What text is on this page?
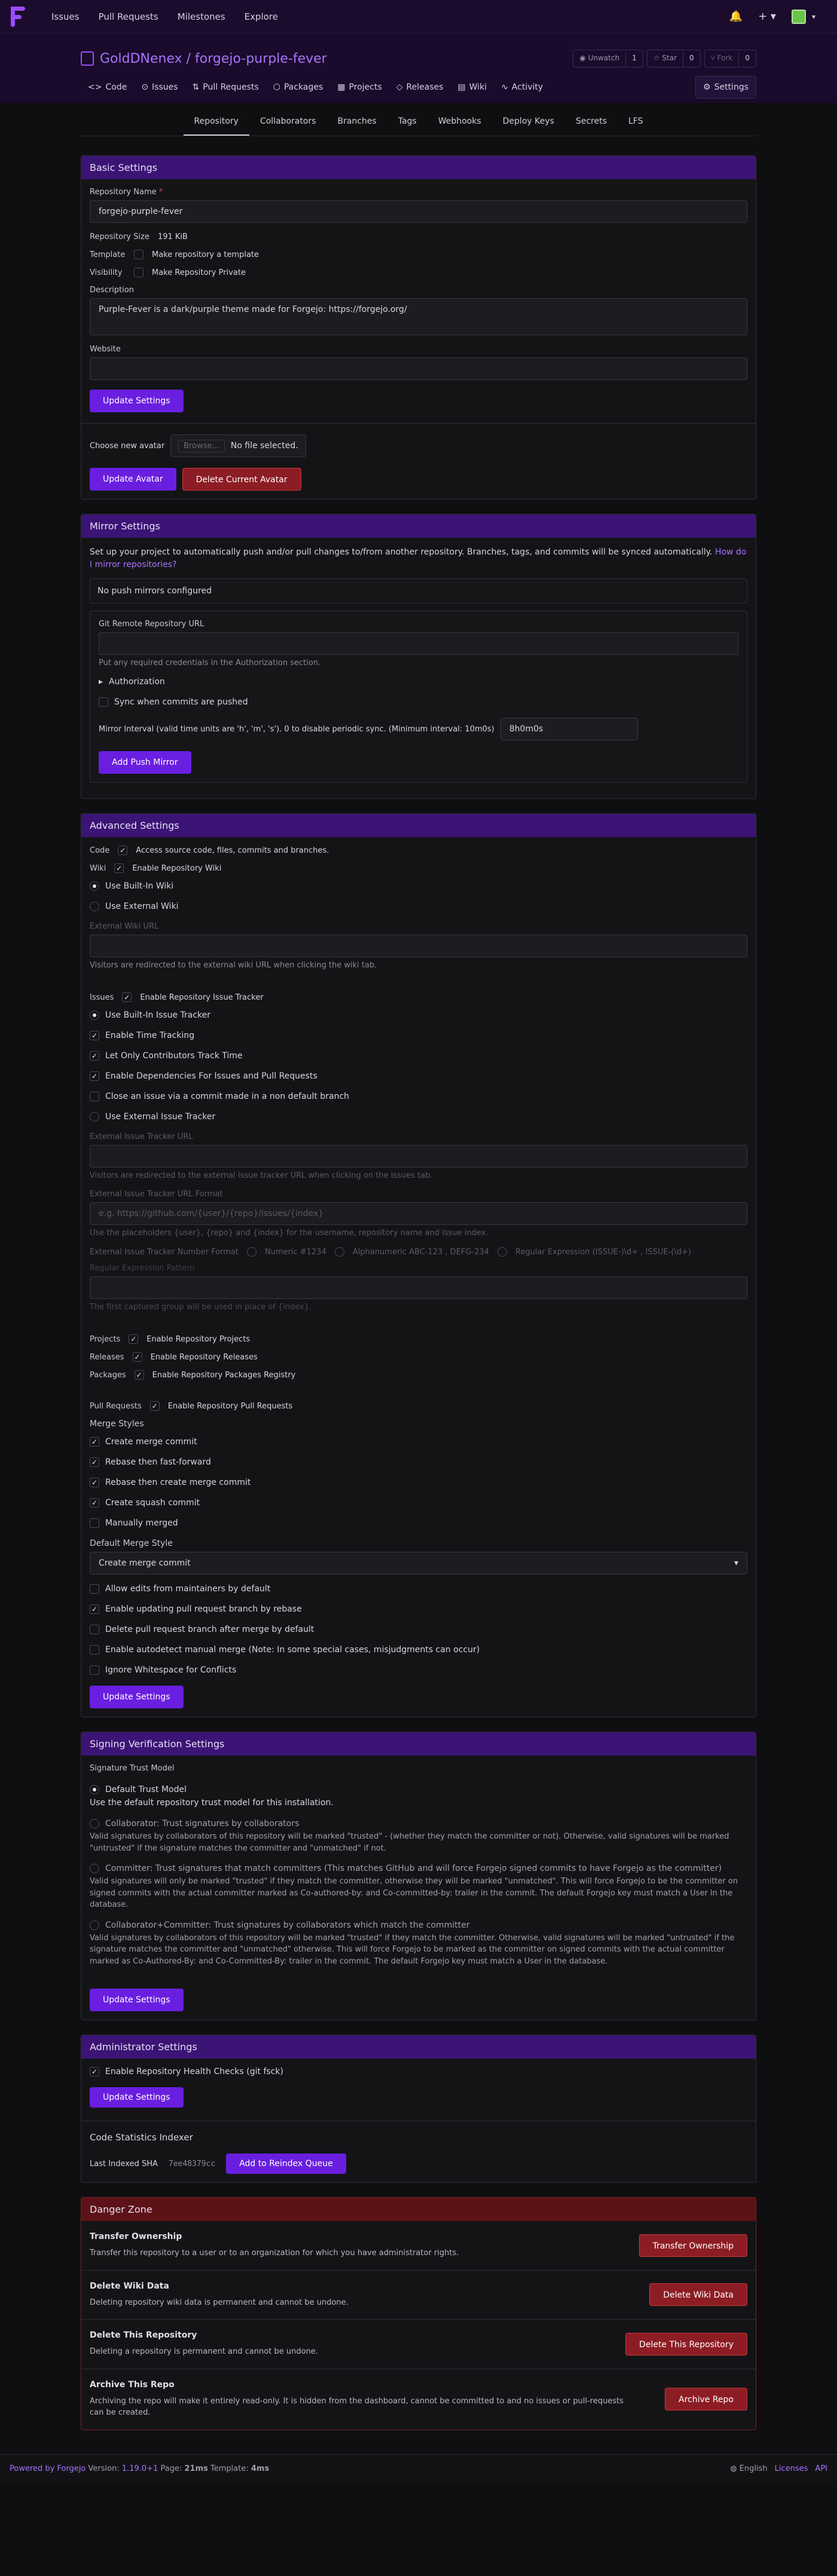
Issues	Pull Requests	Milestones	Explore	🔔 + ▾	▾
GoldDNenex / forgejo-purple-fever	◉ Unwatch	1	☆ Star	0	⑂ Fork	0
<> Code ⊙ Issues ⇅ Pull Requests ⬡ Packages ▦ Projects ◇ Releases ▤ Wiki ∿ Activity	⚙ Settings
Repository	Collaborators	Branches	Tags	Webhooks	Deploy Keys	Secrets	LFS
Basic Settings
Repository Name *
forgejo-purple-fever
Repository Size 191 KiB
Template	Make repository a template
Visibility	Make Repository Private
Description
Purple-Fever is a dark/purple theme made for Forgejo: https://forgejo.org/
Website
Update Settings
Choose new avatar	Browse...	No file selected.
Update Avatar	Delete Current Avatar
Mirror Settings

Set up your project to automatically push and/or pull changes to/from another repository. Branches, tags, and commits will be synced automatically. How do I mirror repositories?

No push mirrors configured
Git Remote Repository URL
Put any required credentials in the Authorization section.
▸ Authorization
Sync when commits are pushed
Mirror Interval (valid time units are 'h', 'm', 's'). 0 to disable periodic sync. (Minimum interval: 10m0s)	8h0m0s
Add Push Mirror
Advanced Settings
Code ✓ Access source code, files, commits and branches.
Wiki ✓ Enable Repository Wiki
Use Built-In Wiki
Use External Wiki
External Wiki URL
Visitors are redirected to the external wiki URL when clicking the wiki tab.
Issues ✓ Enable Repository Issue Tracker
Use Built-In Issue Tracker
✓ Enable Time Tracking
✓ Let Only Contributors Track Time
✓ Enable Dependencies For Issues and Pull Requests
Close an issue via a commit made in a non default branch
Use External Issue Tracker
External Issue Tracker URL
Visitors are redirected to the external issue tracker URL when clicking on the issues tab.
External Issue Tracker URL Format
e.g. https://github.com/{user}/{repo}/issues/{index}
Use the placeholders {user}, {repo} and {index} for the username, repository name and issue index.
External Issue Tracker Number Format	Numeric #1234	Alphanumeric ABC-123 , DEFG-234	Regular Expression (ISSUE-)\d+ , ISSUE-(\d+)
Regular Expression Pattern
The first captured group will be used in place of {index}.
Projects ✓ Enable Repository Projects
Releases ✓ Enable Repository Releases
Packages ✓ Enable Repository Packages Registry
Pull Requests ✓ Enable Repository Pull Requests
Merge Styles
✓ Create merge commit
✓ Rebase then fast-forward
✓ Rebase then create merge commit
✓ Create squash commit
Manually merged
Default Merge Style
Create merge commit	▾
Allow edits from maintainers by default
✓ Enable updating pull request branch by rebase
Delete pull request branch after merge by default
Enable autodetect manual merge (Note: In some special cases, misjudgments can occur)
Ignore Whitespace for Conflicts
Update Settings
Signing Verification Settings
Signature Trust Model
Default Trust Model
Use the default repository trust model for this installation.
Collaborator: Trust signatures by collaborators
Valid signatures by collaborators of this repository will be marked "trusted" - (whether they match the committer or not). Otherwise, valid signatures will be marked "untrusted" if the signature matches the committer and "unmatched" if not.
Committer: Trust signatures that match committers (This matches GitHub and will force Forgejo signed commits to have Forgejo as the committer)
Valid signatures will only be marked "trusted" if they match the committer, otherwise they will be marked "unmatched". This will force Forgejo to be the committer on signed commits with the actual committer marked as Co-authored-by: and Co-committed-by: trailer in the commit. The default Forgejo key must match a User in the database.
Collaborator+Committer: Trust signatures by collaborators which match the committer
Valid signatures by collaborators of this repository will be marked "trusted" if they match the committer. Otherwise, valid signatures will be marked "untrusted" if the signature matches the committer and "unmatched" otherwise. This will force Forgejo to be marked as the committer on signed commits with the actual committer marked as Co-Authored-By: and Co-Committed-By: trailer in the commit. The default Forgejo key must match a User in the database.
Update Settings
Administrator Settings
✓ Enable Repository Health Checks (git fsck)
Update Settings
Code Statistics Indexer
Last Indexed SHA 7ee48379cc	Add to Reindex Queue
Danger Zone
Transfer Ownership
Transfer this repository to a user or to an organization for which you have administrator rights.
Transfer Ownership
Delete Wiki Data
Deleting repository wiki data is permanent and cannot be undone.
Delete Wiki Data
Delete This Repository
Deleting a repository is permanent and cannot be undone.
Delete This Repository
Archive This Repo
Archiving the repo will make it entirely read-only. It is hidden from the dashboard, cannot be committed to and no issues or pull-requests can be created.
Archive Repo
Powered by Forgejo Version: 1.19.0+1 Page: 21ms Template: 4ms	◍ English Licenses API
